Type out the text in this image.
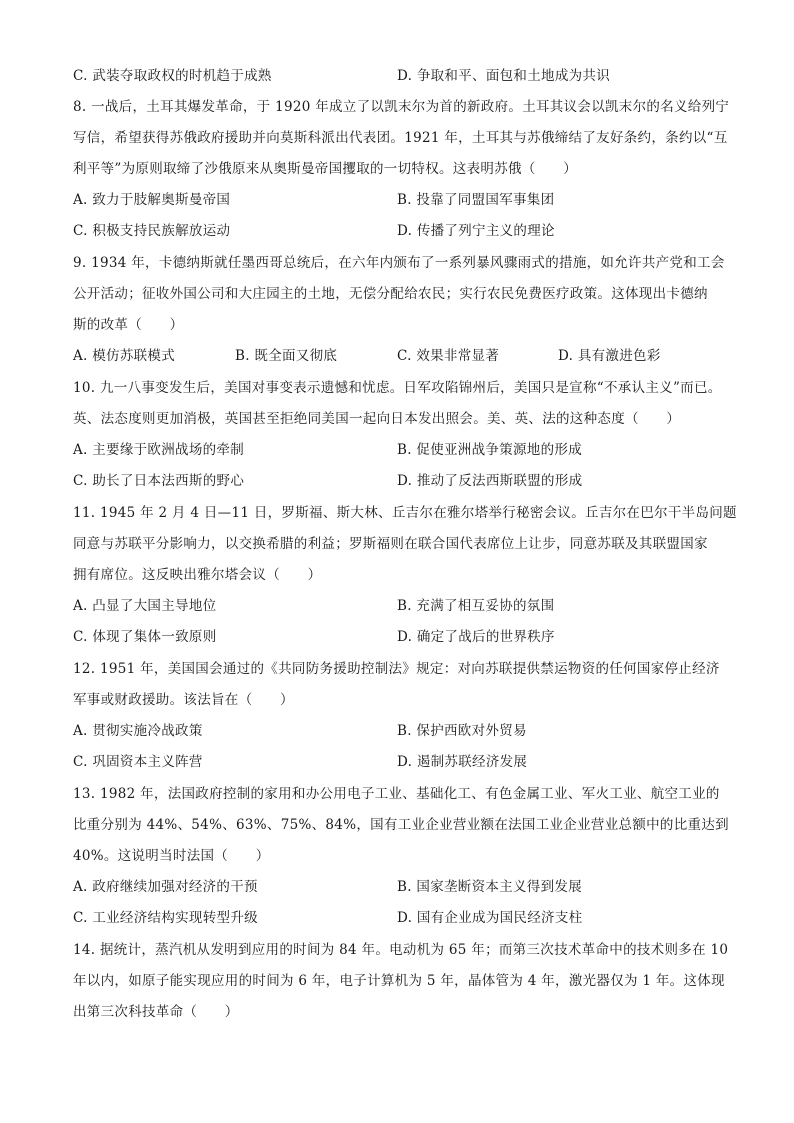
C. 武装夺取政权的时机趋于成熟	D. 争取和平、面包和土地成为共识
8. 一战后，土耳其爆发革命，于 1920 年成立了以凯末尔为首的新政府。土耳其议会以凯末尔的名义给列宁
写信，希望获得苏俄政府援助并向莫斯科派出代表团。1921 年，土耳其与苏俄缔结了友好条约，条约以“互
利平等”为原则取缔了沙俄原来从奥斯曼帝国攫取的一切特权。这表明苏俄（　　）
A. 致力于肢解奥斯曼帝国	B. 投靠了同盟国军事集团
C. 积极支持民族解放运动	D. 传播了列宁主义的理论
9. 1934 年，卡德纳斯就任墨西哥总统后，在六年内颁布了一系列暴风骤雨式的措施，如允许共产党和工会
公开活动；征收外国公司和大庄园主的土地，无偿分配给农民；实行农民免费医疗政策。这体现出卡德纳
斯的改革（　　）
A. 模仿苏联模式	B. 既全面又彻底	C. 效果非常显著	D. 具有激进色彩
10. 九一八事变发生后，美国对事变表示遗憾和忧虑。日军攻陷锦州后，美国只是宣称“不承认主义”而已。
英、法态度则更加消极，英国甚至拒绝同美国一起向日本发出照会。美、英、法的这种态度（　　）
A. 主要缘于欧洲战场的牵制	B. 促使亚洲战争策源地的形成
C. 助长了日本法西斯的野心	D. 推动了反法西斯联盟的形成
11. 1945 年 2 月 4 日—11 日，罗斯福、斯大林、丘吉尔在雅尔塔举行秘密会议。丘吉尔在巴尔干半岛问题
同意与苏联平分影响力，以交换希腊的利益；罗斯福则在联合国代表席位上让步，同意苏联及其联盟国家
拥有席位。这反映出雅尔塔会议（　　）
A. 凸显了大国主导地位	B. 充满了相互妥协的氛围
C. 体现了集体一致原则	D. 确定了战后的世界秩序
12. 1951 年，美国国会通过的《共同防务援助控制法》规定：对向苏联提供禁运物资的任何国家停止经济
军事或财政援助。该法旨在（　　）
A. 贯彻实施冷战政策	B. 保护西欧对外贸易
C. 巩固资本主义阵营	D. 遏制苏联经济发展
13. 1982 年，法国政府控制的家用和办公用电子工业、基础化工、有色金属工业、军火工业、航空工业的
比重分别为 44%、54%、63%、75%、84%，国有工业企业营业额在法国工业企业营业总额中的比重达到
40%。这说明当时法国（　　）
A. 政府继续加强对经济的干预	B. 国家垄断资本主义得到发展
C. 工业经济结构实现转型升级	D. 国有企业成为国民经济支柱
14. 据统计，蒸汽机从发明到应用的时间为 84 年。电动机为 65 年；而第三次技术革命中的技术则多在 10
年以内，如原子能实现应用的时间为 6 年，电子计算机为 5 年，晶体管为 4 年，激光器仅为 1 年。这体现
出第三次科技革命（　　）
